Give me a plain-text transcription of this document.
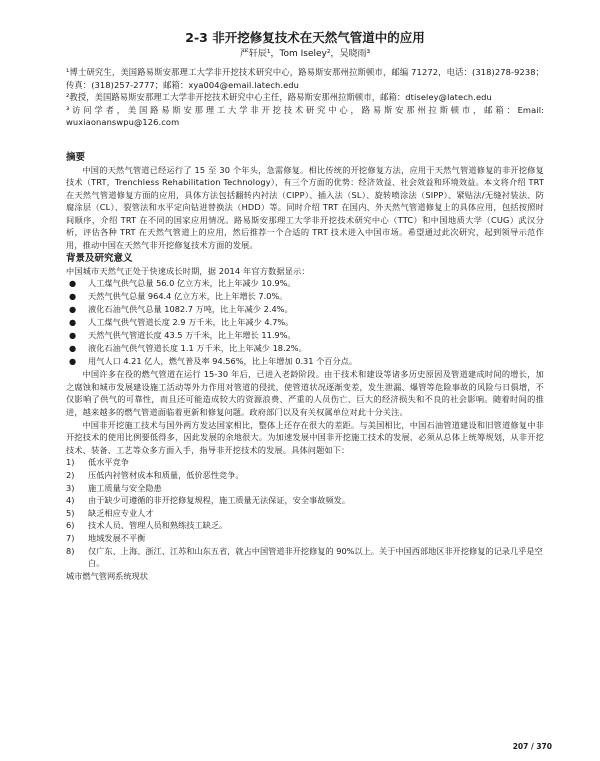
2-3 非开挖修复技术在天然气管道中的应用
严轩辰¹，Tom Iseley²，吴晓雨³
¹博士研究生，美国路易斯安那理工大学非开挖技术研究中心，路易斯安那州拉斯顿市，邮编 71272，电话：(318)278-9238；传真：(318)257-2777；邮箱：xya004@email.latech.edu
²教授，美国路易斯安那理工大学非开挖技术研究中心主任，路易斯安那州拉斯顿市，邮箱：dtiseley@latech.edu
³访问学者，美国路易斯安那理工大学非开挖技术研究中心，路易斯安那州拉斯顿市，邮箱：Email: wuxiaonanswpu@126.com
摘要
中国的天然气管道已经运行了 15 至 30 个年头，急需修复。相比传统的开挖修复方法，应用于天然气管道修复的非开挖修复技术（TRT，Trenchless Rehabilitation Technology），有三个方面的优势：经济效益、社会效益和环境效益。本文将介绍 TRT 在天然气管道修复方面的应用，具体方法包括翻转内衬法（CIPP）、插入法（SL）、旋转喷涂法（SIPP）、紧贴法/无缝衬装法、防腐涂层（CL）、裂管法和水平定向钻进替换法（HDD）等。同时介绍 TRT 在国内、外天然气管道修复上的具体应用，包括按照时间顺序，介绍 TRT 在不同的国家应用情况。路易斯安那理工大学非开挖技术研究中心（TTC）和中国地质大学（CUG）武汉分析，评估各种 TRT 在天然气管道上的应用，然后推荐一个合适的 TRT 技术进入中国市场。希望通过此次研究，起到领导示范作用，推动中国在天然气非开挖修复技术方面的发展。
背景及研究意义
中国城市天然气正处于快速成长时期，据 2014 年官方数据显示：
● 人工煤气供气总量 56.0 亿立方米，比上年减少 10.9%。
● 天然气供气总量 964.4 亿立方米，比上年增长 7.0%。
● 液化石油气供气总量 1082.7 万吨，比上年减少 2.4%。
● 人工煤气供气管道长度 2.9 万千米，比上年减少 4.7%。
● 天然气供气管道长度 43.5 万千米，比上年增长 11.9%。
● 液化石油气供气管道长度 1.1 万千米，比上年减少 18.2%。
● 用气人口 4.21 亿人，燃气普及率 94.56%，比上年增加 0.31 个百分点。
中国许多在役的燃气管道在运行 15-30 年后，已进入老龄阶段。由于技术和建设等诸多历史原因及管道建成时间的增长，加之腐蚀和城市发展建设施工活动等外力作用对管道的侵扰，使管道状况逐渐变差，发生泄漏、爆管等危险事故的风险与日俱增，不仅影响了供气的可靠性，而且还可能造成较大的资源浪费、严重的人员伤亡、巨大的经济损失和不良的社会影响。随着时间的推进，越来越多的燃气管道面临着更新和修复问题。政府部门以及有关权属单位对此十分关注。
中国非开挖施工技术与国外两方发达国家相比，整体上还存在很大的差距。与美国相比，中国石油管道建设和旧管道修复中非开挖技术的使用比例要低得多，因此发展的余地很大。为加速发展中国非开挖施工技术的发展，必须从总体上统筹规划，从非开挖技术、装备、工艺等众多方面入手，指导非开挖技术的发展。具体问题如下：
1) 低水平竞争
2) 压低内衬管材成本和质量，低价恶性竞争。
3) 施工质量与安全隐患
4) 由于缺少可遵循的非开挖修复规程，施工质量无法保证，安全事故频发。
5) 缺乏相应专业人才
6) 技术人员、管理人员和熟练技工缺乏。
7) 地域发展不平衡
8) 仅广东、上海、浙江、江苏和山东五省，就占中国管道非开挖修复的 90%以上。关于中国西部地区非开挖修复的记录几乎是空白。
城市燃气管网系统现状
207 / 370
